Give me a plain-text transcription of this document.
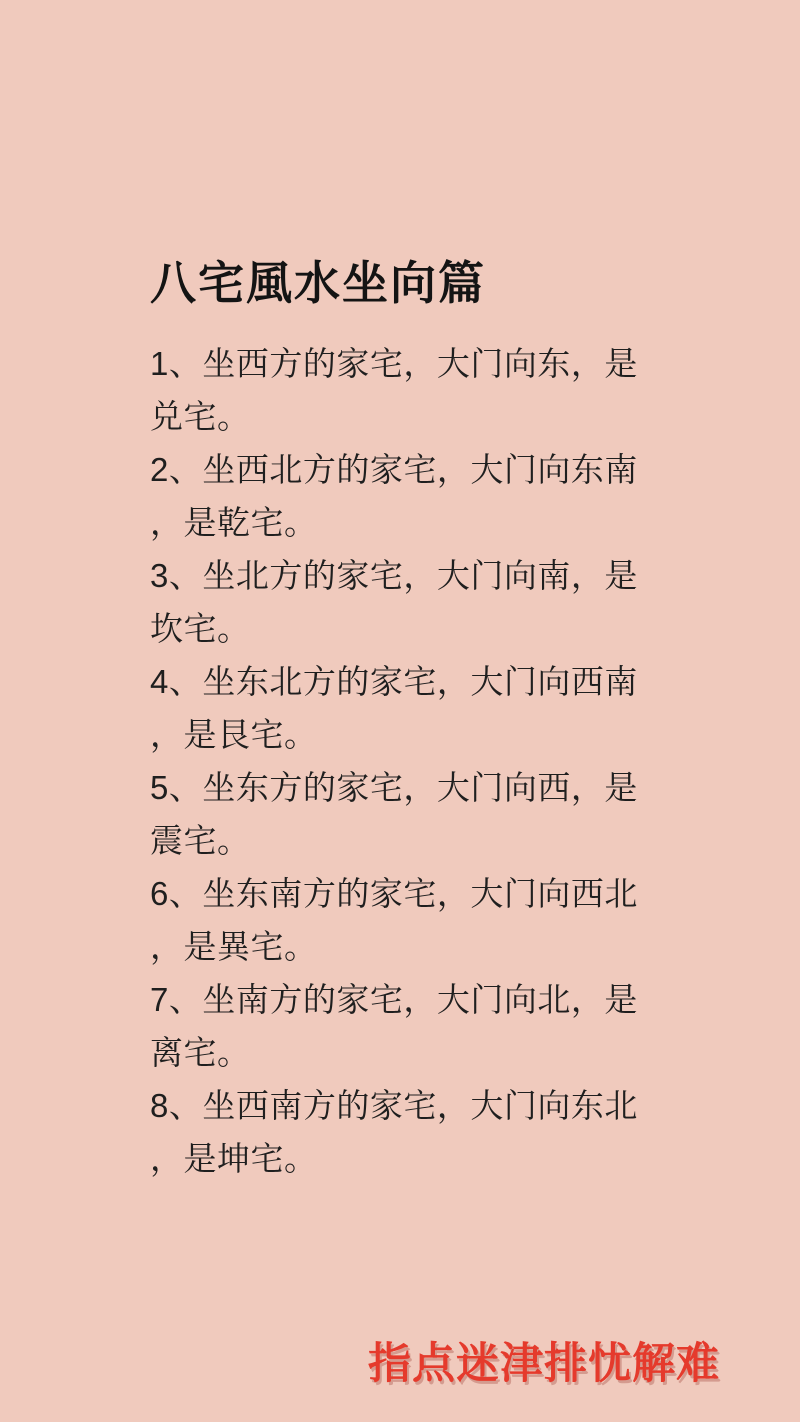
八宅風水坐向篇

1、坐西方的家宅，大门向东，是兑宅。

2、坐西北方的家宅，大门向东南，是乾宅。

3、坐北方的家宅，大门向南，是坎宅。

4、坐东北方的家宅，大门向西南，是艮宅。

5、坐东方的家宅，大门向西，是震宅。

6、坐东南方的家宅，大门向西北，是異宅。

7、坐南方的家宅，大门向北，是离宅。

8、坐西南方的家宅，大门向东北，是坤宅。

指点迷津排忧解难
